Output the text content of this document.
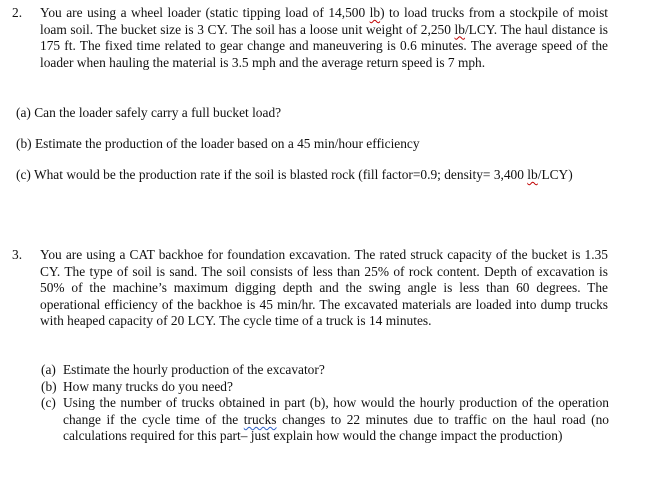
2. You are using a wheel loader (static tipping load of 14,500 lb) to load trucks from a stockpile of moist loam soil. The bucket size is 3 CY. The soil has a loose unit weight of 2,250 lb/LCY. The haul distance is 175 ft. The fixed time related to gear change and maneuvering is 0.6 minutes. The average speed of the loader when hauling the material is 3.5 mph and the average return speed is 7 mph.
(a) Can the loader safely carry a full bucket load?
(b) Estimate the production of the loader based on a 45 min/hour efficiency
(c) What would be the production rate if the soil is blasted rock (fill factor=0.9; density= 3,400 lb/LCY)
3. You are using a CAT backhoe for foundation excavation. The rated struck capacity of the bucket is 1.35 CY. The type of soil is sand. The soil consists of less than 25% of rock content. Depth of excavation is 50% of the machine’s maximum digging depth and the swing angle is less than 60 degrees. The operational efficiency of the backhoe is 45 min/hr. The excavated materials are loaded into dump trucks with heaped capacity of 20 LCY. The cycle time of a truck is 14 minutes.
(a) Estimate the hourly production of the excavator?
(b) How many trucks do you need?
(c) Using the number of trucks obtained in part (b), how would the hourly production of the operation change if the cycle time of the trucks changes to 22 minutes due to traffic on the haul road (no calculations required for this part– just explain how would the change impact the production)
